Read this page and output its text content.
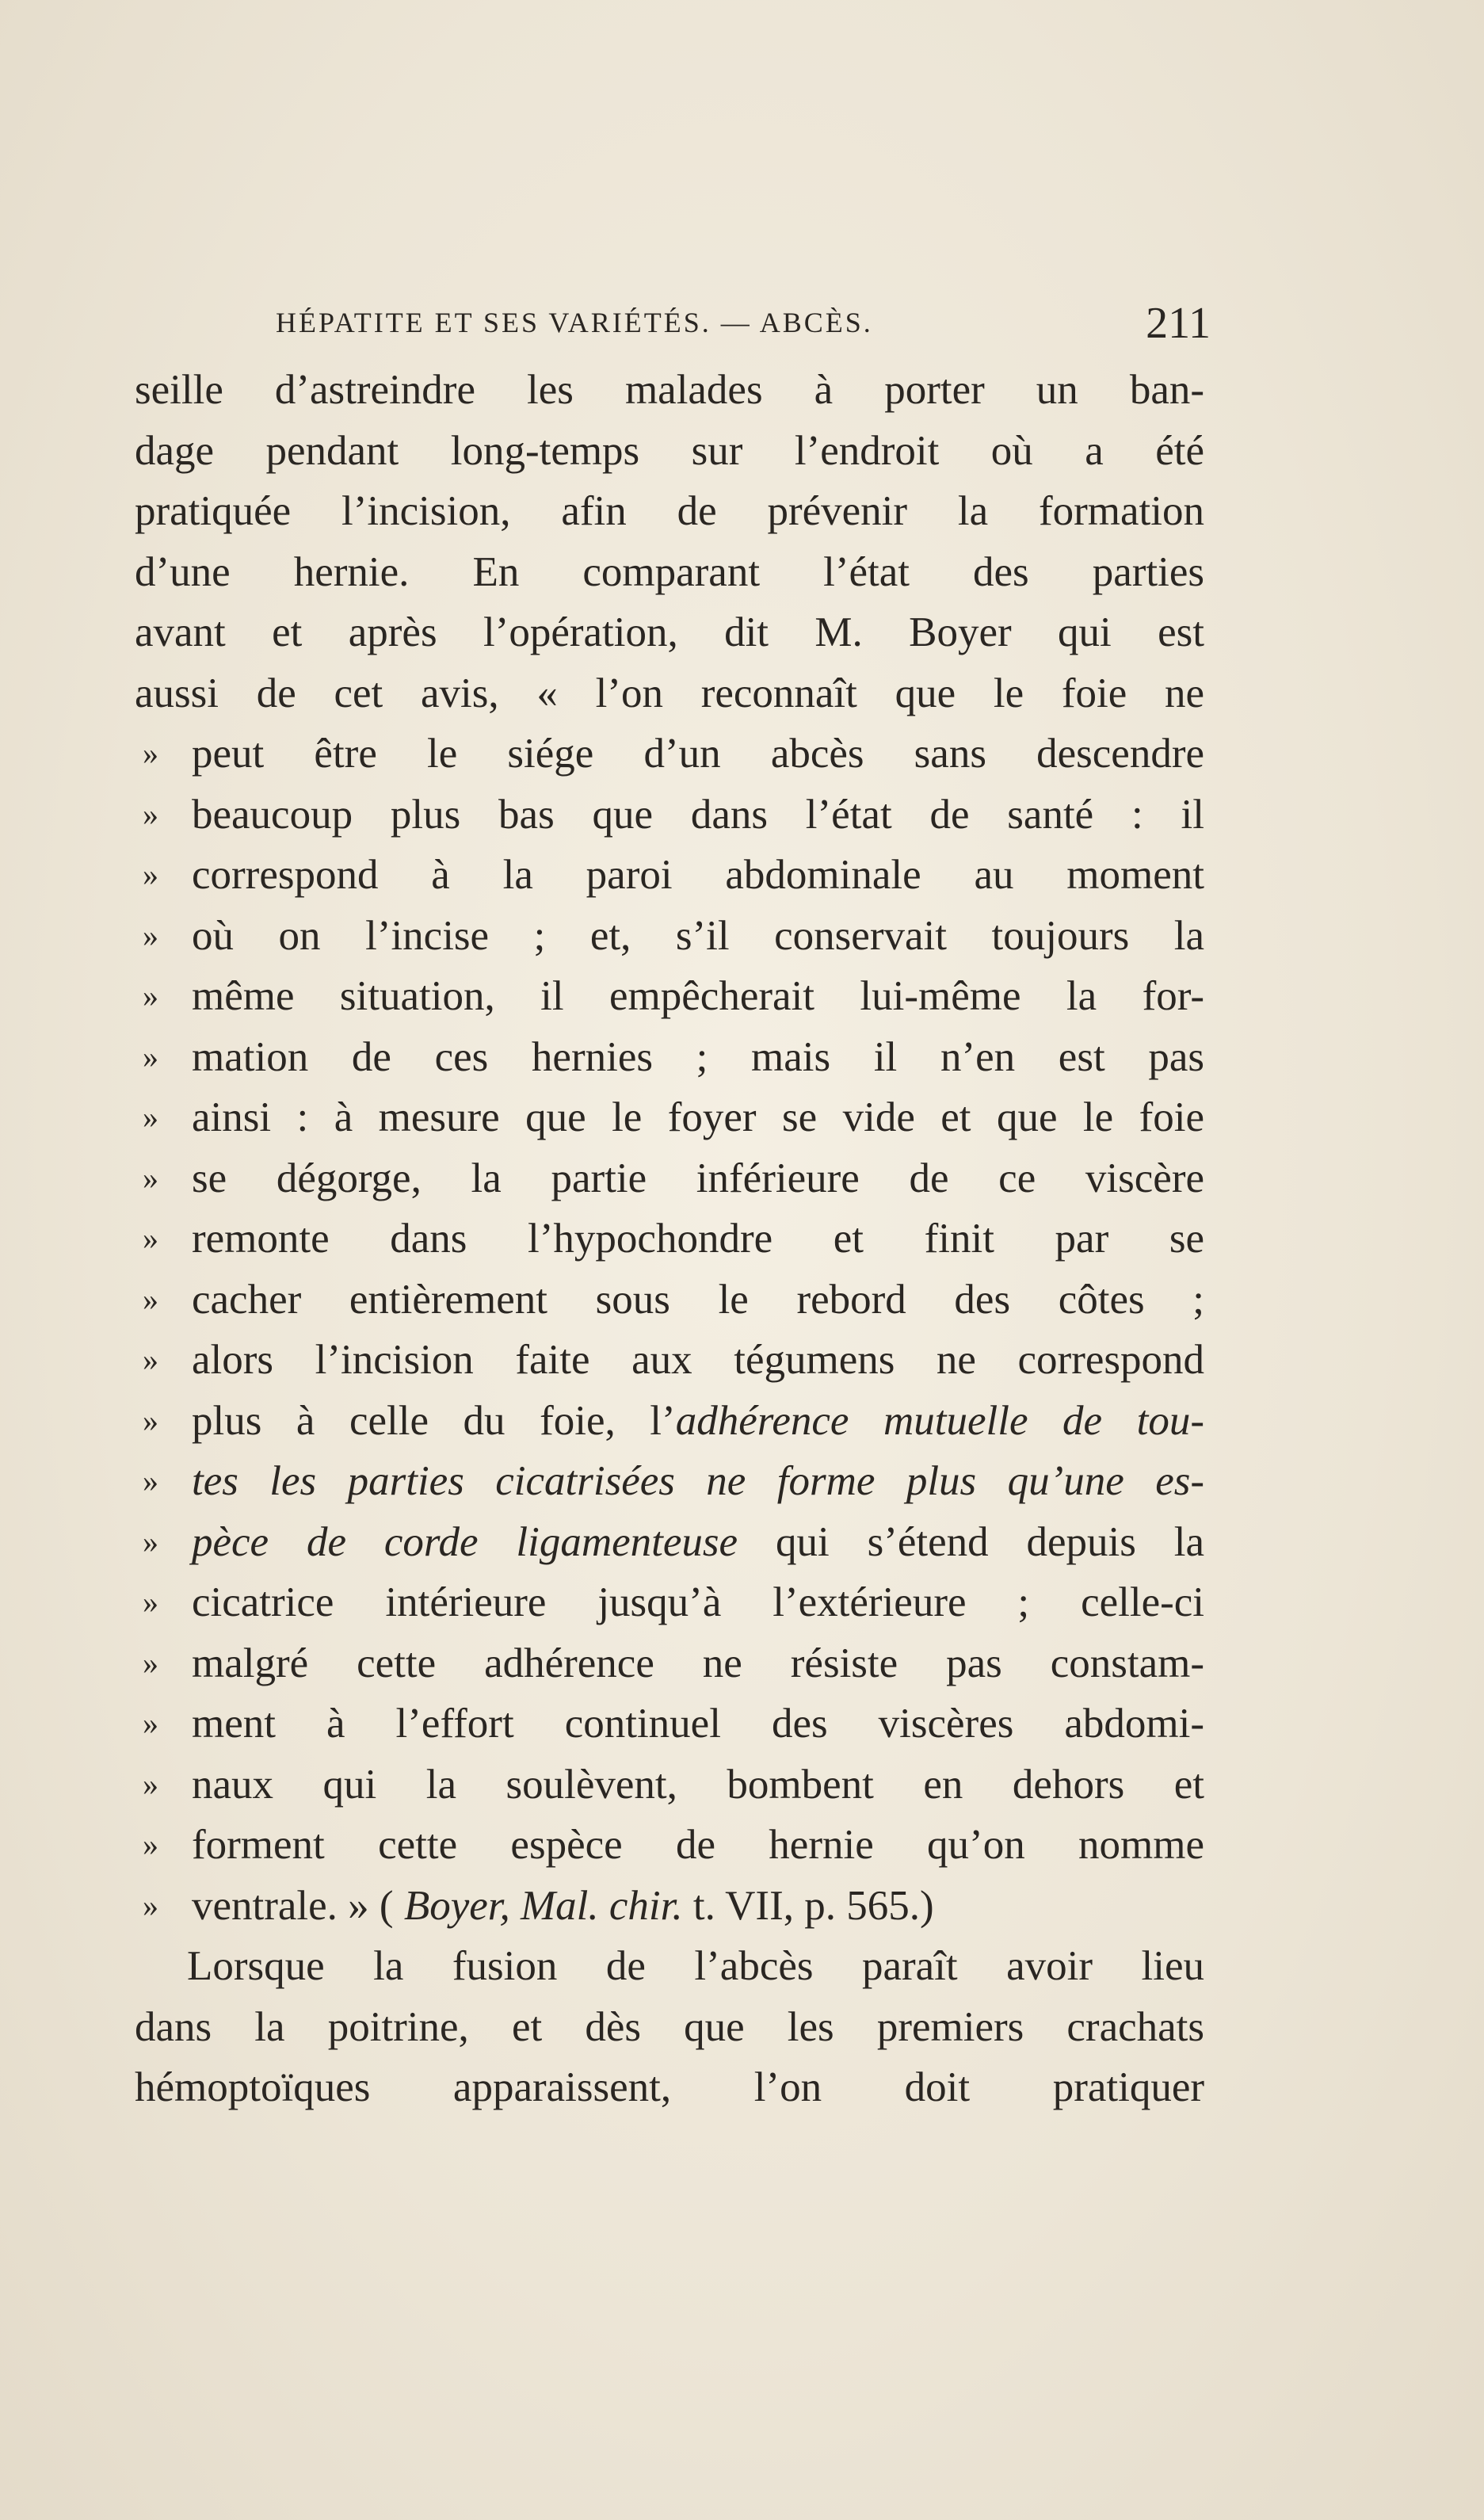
HÉPATITE ET SES VARIÉTÉS. — ABCÈS.	211
seille d’astreindre les malades à porter un ban-
dage pendant long-temps sur l’endroit où a été
pratiquée l’incision, afin de prévenir la formation
d’une hernie. En comparant l’état des parties
avant et après l’opération, dit M. Boyer qui est
aussi de cet avis, « l’on reconnaît que le foie ne
» peut être le siége d’un abcès sans descendre
» beaucoup plus bas que dans l’état de santé : il
» correspond à la paroi abdominale au moment
» où on l’incise ; et, s’il conservait toujours la
» même situation, il empêcherait lui-même la for-
» mation de ces hernies ; mais il n’en est pas
» ainsi : à mesure que le foyer se vide et que le foie
» se dégorge, la partie inférieure de ce viscère
» remonte dans l’hypochondre et finit par se
» cacher entièrement sous le rebord des côtes ;
» alors l’incision faite aux tégumens ne correspond
» plus à celle du foie, l’adhérence mutuelle de tou-
» tes les parties cicatrisées ne forme plus qu’une es-
» pèce de corde ligamenteuse qui s’étend depuis la
» cicatrice intérieure jusqu’à l’extérieure ; celle-ci
» malgré cette adhérence ne résiste pas constam-
» ment à l’effort continuel des viscères abdomi-
» naux qui la soulèvent, bombent en dehors et
» forment cette espèce de hernie qu’on nomme
» ventrale. » ( Boyer, Mal. chir. t. VII, p. 565.)
Lorsque la fusion de l’abcès paraît avoir lieu
dans la poitrine, et dès que les premiers crachats
hémoptoïques apparaissent, l’on doit pratiquer
